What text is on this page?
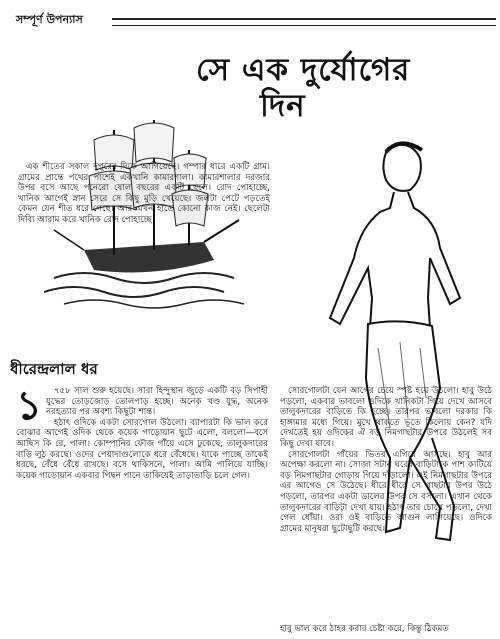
সম্পূর্ণ উপন্যাস
সে এক দুর্যোগের
দিন

এক শীতের সকাল দুপুরের দিকে আগিয়েছে। গম্পার ধারে একটি গ্রাম। গ্রামের প্রান্তে পথের পাশেই একখানি কামারশালা। কামারশালার দরজার উপর বসে আছে পনেরো ষোল বছরের একটি ছেলে। রোদ পোহাচ্ছে, খানিক আগেই স্নান সেরে সে কিছু মুড়ি খেয়েছে। জলটা পেটে পড়তেই কেমন যেন শীত ধরে গেছে। আর এখন হাতে কোনো কাজ নেই। ছেলেটা দিব্যি আরাম করে খানিক রোদ পোহাচ্ছে।

ধীরেন্দ্রলাল ধর
১	৭৫৮ সাল শুরু হয়েছে। সারা হিন্দুস্থান জুড়ে একটি বড় সিপাহী যুদ্ধের তোড়জোড় তোলপাড় হচ্ছে। অনেক খণ্ড যুদ্ধ, অনেক নরহত্যার পর অবশ্য কিছুটা শান্ত।

হঠাৎ ওদিকে একটা সোরগোল উঠলো। ব্যাপারটা কি ভাল করে বোঝার আগেই ওদিক থেকে কয়েক গাড়োয়ান ছুটে এলো, বললো—বসে আছিস কি রে, পালা। কোম্পানির ফৌজ গাঁয়ে এসে ঢুকেছে, তালুকদারের বাড়ি লুঠ করছে। ওদের পেয়াদাগুলোকে ধরে বেঁধেছে। যাকে পাচ্ছে তাকেই ধরছে, বেঁধে বেঁধে রাখছে। বসে থাকিসনে, পালা। আমি পালিয়ে যাচ্ছি। কয়েক গাড়োয়ান একবার পিছন পানে তাকিয়েই তাড়াতাড়ি চলে গেল।

সোরগোলটা যেন আগের চেয়ে স্পষ্ট হয়ে উঠলো। হাবু উঠে পড়লো, একবার ভাবলো ওদিকে খানিকটা গিয়ে দেখে আসবে তালুকদারের বাড়িতে কি হচ্ছে। তারপর ভাবলো দরকার কি হাঙ্গামার মধ্যে গিয়ে। মুখে থাকতে ভূতে কিলোয় কেন? যদি দেখতেই হয় ওদিকের ঐ বড় নিমগাছটার উপরে উঠলেই সব কিছু দেখা যাবে।

সোরগোলটা গাঁয়ের ভিতর এগিয়ে আসছে। হাবু আর অপেক্ষা করলো না। সোজা সটান ঘরের বাড়িটাকে পাশ কাটিয়ে বড় নিমগাছটার গোড়ায় গিয়ে দাঁড়ালো। এই নিমগাছটার উপরে এর আগেও সে উঠেছে। ধীরে ধীরে সে গাছটার উপর উঠে পড়লো, তারপর একটা ডালের উপর সে বসলো। এখান থেকে তালুকদারের বাড়িটা দেখা যায়। হঠাৎ তার চোখে পড়লো, দেখা গেল ধোঁয়া। ওরা ওই বাড়িতে আগুন লাগিয়েছে। ওদিকে গ্রামের মানুষরা ছুটোছুটি করছে।

হাবু ভাল করে ঠাহর করার চেষ্টা করে, কিন্তু ঠিকমত
